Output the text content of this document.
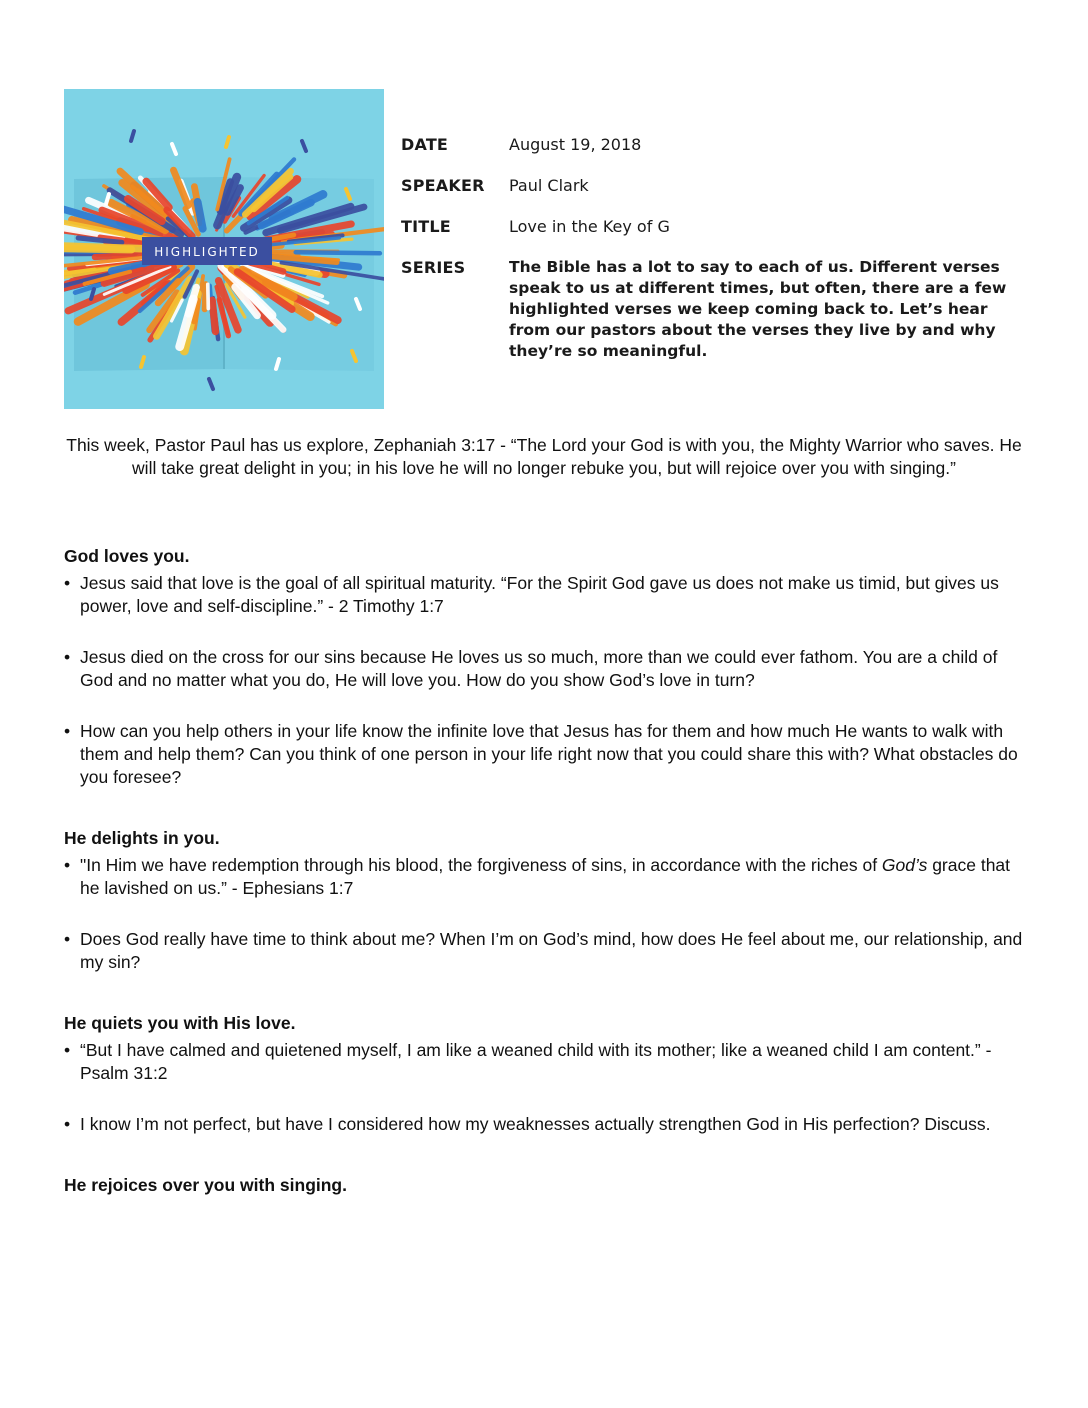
HIGHLIGHTED
DATE	August 19, 2018
SPEAKER	Paul Clark
TITLE	Love in the Key of G
SERIES	The Bible has a lot to say to each of us. Different verses speak to us at different times, but often, there are a few highlighted verses we keep coming back to. Let’s hear from our pastors about the verses they live by and why they’re so meaningful.
This week, Pastor Paul has us explore, Zephaniah 3:17 - “The Lord your God is with you, the Mighty Warrior who saves. He will take great delight in you; in his love he will no longer rebuke you, but will rejoice over you with singing.”
God loves you.
• Jesus said that love is the goal of all spiritual maturity. “For the Spirit God gave us does not make us timid, but gives us power, love and self-discipline.” - 2 Timothy 1:7
• Jesus died on the cross for our sins because He loves us so much, more than we could ever fathom. You are a child of God and no matter what you do, He will love you. How do you show God’s love in turn?
• How can you help others in your life know the infinite love that Jesus has for them and how much He wants to walk with them and help them? Can you think of one person in your life right now that you could share this with? What obstacles do you foresee?
He delights in you.
• "In Him we have redemption through his blood, the forgiveness of sins, in accordance with the riches of God’s grace that he lavished on us.” - Ephesians 1:7
• Does God really have time to think about me? When I’m on God’s mind, how does He feel about me, our relationship, and my sin?
He quiets you with His love.
• “But I have calmed and quietened myself, I am like a weaned child with its mother; like a weaned child I am content.” - Psalm 31:2
• I know I’m not perfect, but have I considered how my weaknesses actually strengthen God in His perfection? Discuss.
He rejoices over you with singing.
